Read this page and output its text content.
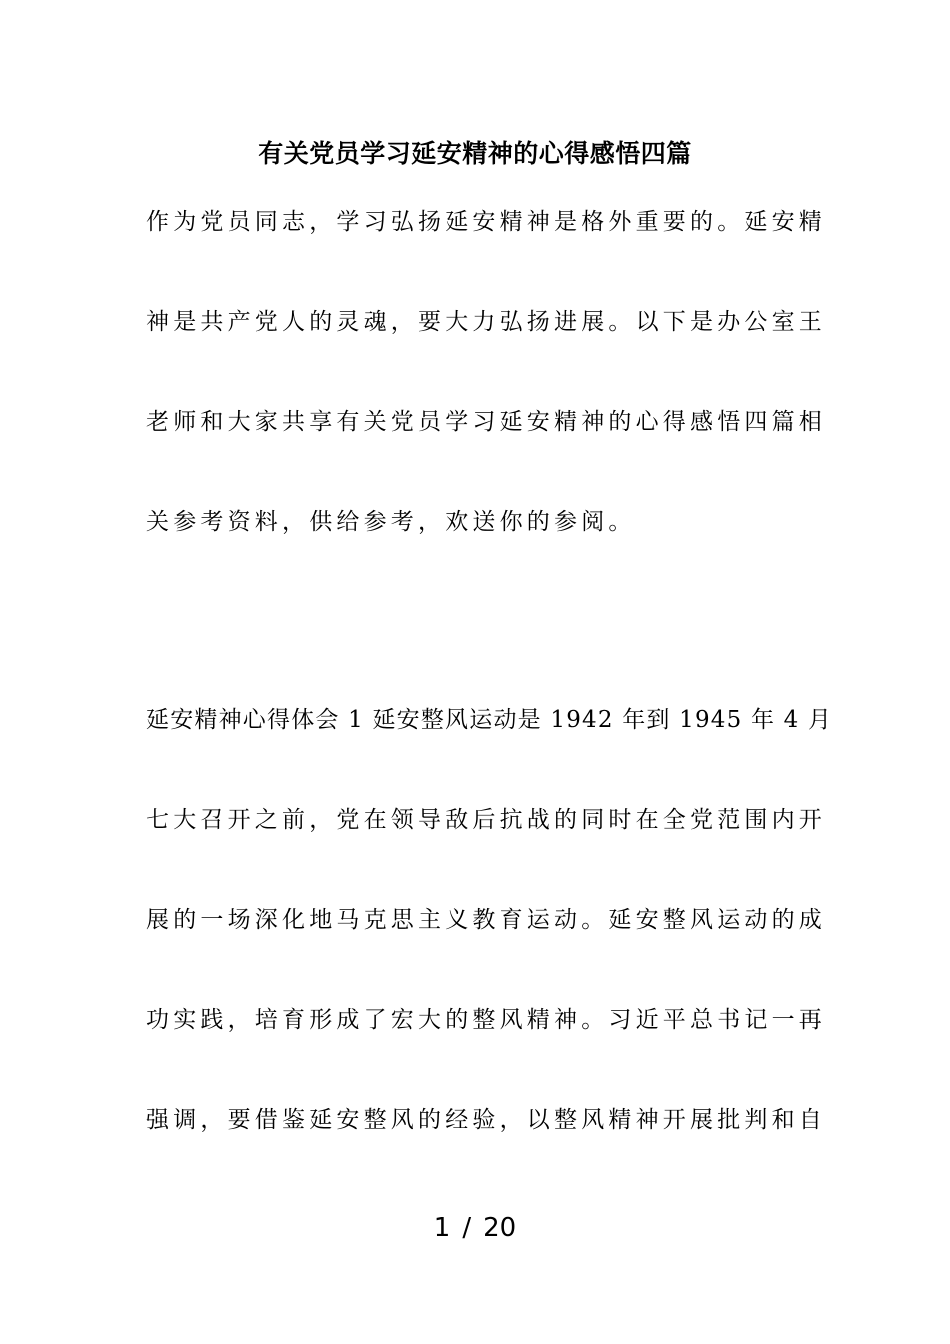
有关党员学习延安精神的心得感悟四篇
作为党员同志，学习弘扬延安精神是格外重要的。延安精
神是共产党人的灵魂，要大力弘扬进展。以下是办公室王
老师和大家共享有关党员学习延安精神的心得感悟四篇相
关参考资料，供给参考，欢送你的参阅。
延安精神心得体会 1 延安整风运动是 1942 年到 1945 年 4 月
七大召开之前，党在领导敌后抗战的同时在全党范围内开
展的一场深化地马克思主义教育运动。延安整风运动的成
功实践，培育形成了宏大的整风精神。习近平总书记一再
强调，要借鉴延安整风的经验，以整风精神开展批判和自
1 / 20
